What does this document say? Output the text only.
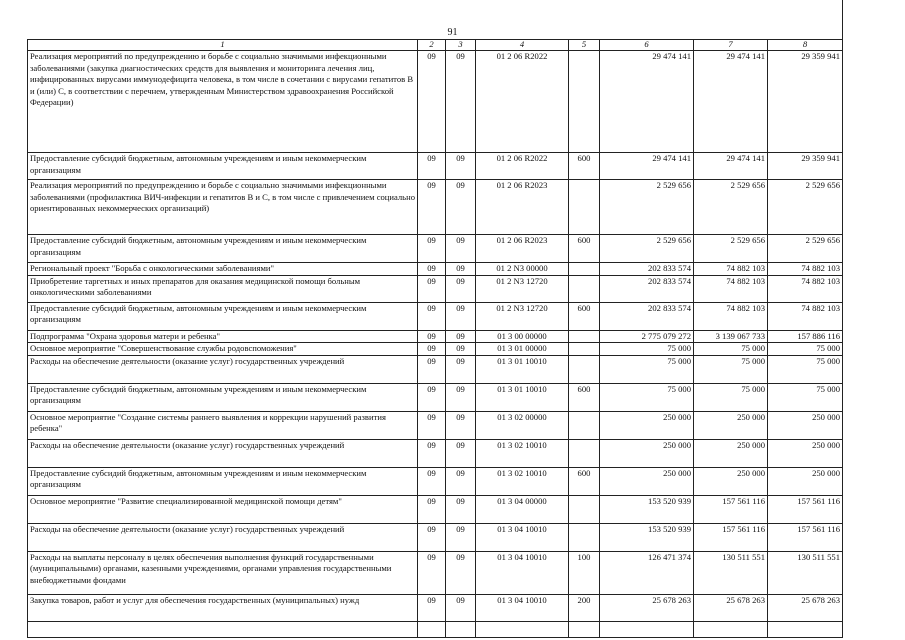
91
1	2	3	4	5	6	7	8
Реализация мероприятий по предупреждению и борьбе с социально значимыми инфекционными заболеваниями (закупка диагностических средств для выявления и мониторинга лечения лиц, инфицированных вирусами иммунодефицита человека, в том числе в сочетании с вирусами гепатитов В и (или) С, в соответствии с перечнем, утвержденным Министерством здравоохранения Российской Федерации)	09	09	01 2 06 R2022		29 474 141	29 474 141	29 359 941
Предоставление субсидий бюджетным, автономным учреждениям и иным некоммерческим организациям	09	09	01 2 06 R2022	600	29 474 141	29 474 141	29 359 941
Реализация мероприятий по предупреждению и борьбе с социально значимыми инфекционными заболеваниями (профилактика ВИЧ-инфекции и гепатитов В и С, в том числе с привлечением социально ориентированных некоммерческих организаций)	09	09	01 2 06 R2023		2 529 656	2 529 656	2 529 656
Предоставление субсидий бюджетным, автономным учреждениям и иным некоммерческим организациям	09	09	01 2 06 R2023	600	2 529 656	2 529 656	2 529 656
Региональный проект "Борьба с онкологическими заболеваниями"	09	09	01 2 N3 00000		202 833 574	74 882 103	74 882 103
Приобретение таргетных и иных препаратов для оказания медицинской помощи больным онкологическими заболеваниями	09	09	01 2 N3 12720		202 833 574	74 882 103	74 882 103
Предоставление субсидий бюджетным, автономным учреждениям и иным некоммерческим организациям	09	09	01 2 N3 12720	600	202 833 574	74 882 103	74 882 103
Подпрограмма "Охрана здоровья матери и ребенка"	09	09	01 3 00 00000		2 775 079 272	3 139 067 733	157 886 116
Основное мероприятие "Совершенствование службы родовспоможения"	09	09	01 3 01 00000		75 000	75 000	75 000
Расходы на обеспечение деятельности (оказание услуг) государственных учреждений	09	09	01 3 01 10010		75 000	75 000	75 000
Предоставление субсидий бюджетным, автономным учреждениям и иным некоммерческим организациям	09	09	01 3 01 10010	600	75 000	75 000	75 000
Основное мероприятие "Создание системы раннего выявления и коррекции нарушений развития ребенка"	09	09	01 3 02 00000		250 000	250 000	250 000
Расходы на обеспечение деятельности (оказание услуг) государственных учреждений	09	09	01 3 02 10010		250 000	250 000	250 000
Предоставление субсидий бюджетным, автономным учреждениям и иным некоммерческим организациям	09	09	01 3 02 10010	600	250 000	250 000	250 000
Основное мероприятие "Развитие специализированной медицинской помощи детям"	09	09	01 3 04 00000		153 520 939	157 561 116	157 561 116
Расходы на обеспечение деятельности (оказание услуг) государственных учреждений	09	09	01 3 04 10010		153 520 939	157 561 116	157 561 116
Расходы на выплаты персоналу в целях обеспечения выполнения функций государственными (муниципальными) органами, казенными учреждениями, органами управления государственными внебюджетными фондами	09	09	01 3 04 10010	100	126 471 374	130 511 551	130 511 551
Закупка товаров, работ и услуг для обеспечения государственных (муниципальных) нужд	09	09	01 3 04 10010	200	25 678 263	25 678 263	25 678 263
